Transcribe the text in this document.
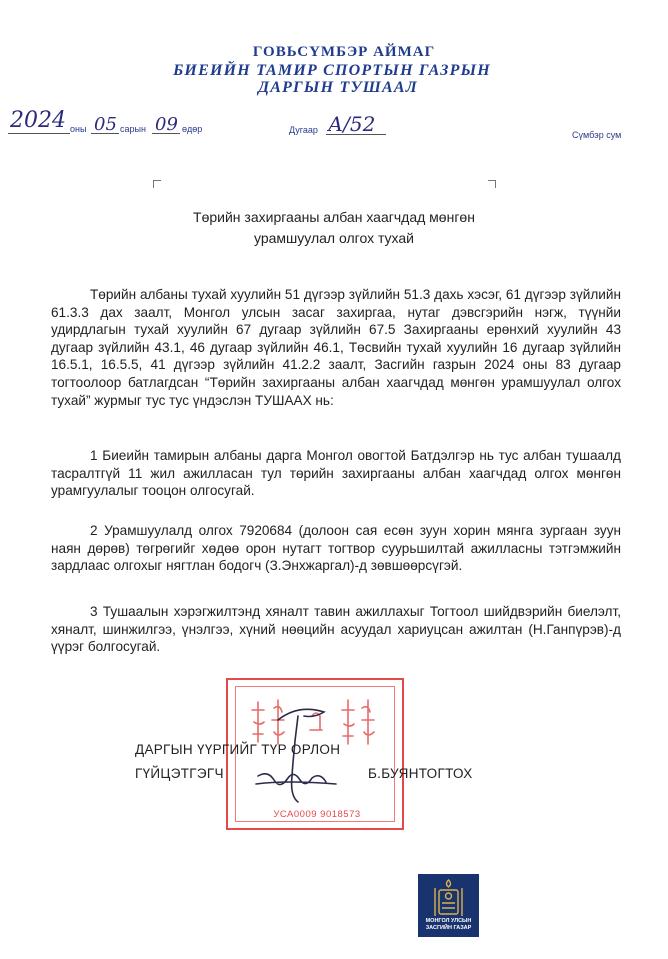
ГОВЬСҮМБЭР АЙМАГ
БИЕИЙН ТАМИР СПОРТЫН ГАЗРЫН
ДАРГЫН ТУШААЛ
2024 оны 05 сарын 09 өдөр	Дугаар А/52	Сүмбэр сум
Төрийн захиргааны албан хаагчдад мөнгөн
урамшуулал олгох тухай
Төрийн албаны тухай хуулийн 51 дүгээр зүйлийн 51.3 дахь хэсэг, 61 дүгээр зүйлийн 61.3.3 дах заалт, Монгол улсын засаг захиргаа, нутаг дэвсгэрийн нэгж, түүнйи удирдлагын тухай хуулийн 67 дугаар зүйлийн 67.5 Захиргааны ерөнхий хуулийн 43 дугаар зүйлийн 43.1, 46 дугаар зүйлийн 46.1, Төсвийн тухай хуулийн 16 дугаар зүйлийн 16.5.1, 16.5.5, 41 дүгээр зүйлийн 41.2.2 заалт, Засгийн газрын 2024 оны 83 дугаар тогтоолоор батлагдсан “Төрийн захиргааны албан хаагчдад мөнгөн урамшуулал олгох тухай” журмыг тус тус үндэслэн ТУШААХ нь:
1 Биеийн тамирын албаны дарга Монгол овогтой Батдэлгэр нь тус албан тушаалд тасралтгүй 11 жил ажилласан тул төрийн захиргааны албан хаагчдад олгох мөнгөн урамгуулалыг тооцон олгосугай.
2 Урамшуулалд олгох 7920684 (долоон сая есөн зуун хорин мянга зургаан зуун наян дөрөв) төгрөгийг хөдөө орон нутагт тогтвор суурьшилтай ажилласны тэтгэмжийн зардлаас олгохыг нягтлан бодогч (З.Энхжаргал)-д зөвшөөрсүгэй.
3 Тушаалын хэрэгжилтэнд хяналт тавин ажиллахыг Тогтоол шийдвэрийн биелэлт, хяналт, шинжилгээ, үнэлгээ, хүний нөөцийн асуудал хариуцсан ажилтан (Н.Ганпүрэв)-д үүрэг болгосугай.
УСА0009 9018573
ДАРГЫН ҮҮРГИЙГ ТҮР ОРЛОН
ГҮЙЦЭТГЭГЧ	Б.БУЯНТОГТОХ
МОНГОЛ УЛСЫН
ЗАСГИЙН ГАЗАР
